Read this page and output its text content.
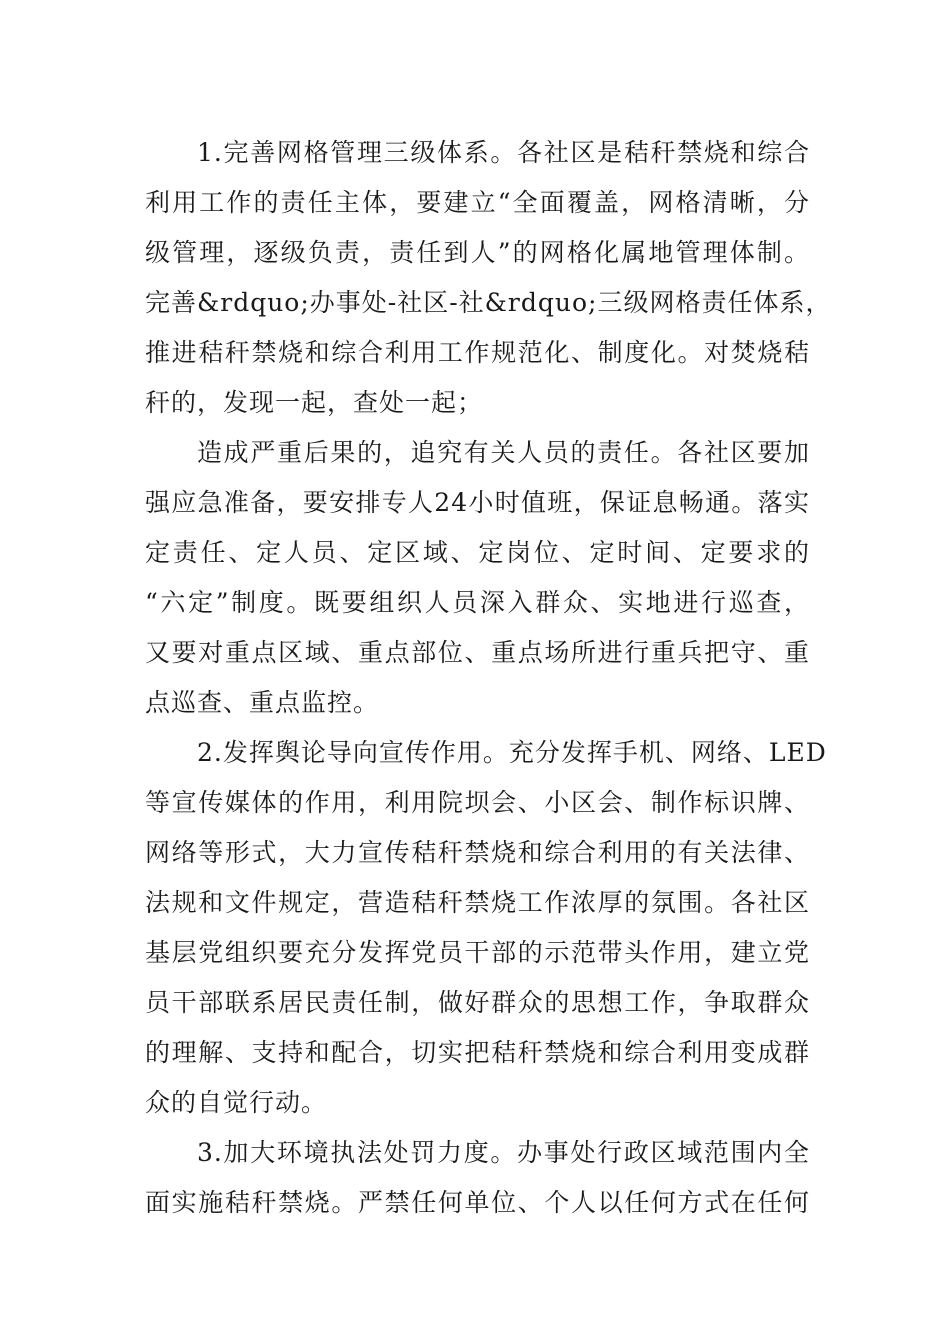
1.完善网格管理三级体系。各社区是秸秆禁烧和综合
利用工作的责任主体，要建立“全面覆盖，网格清晰，分
级管理，逐级负责，责任到人”的网格化属地管理体制。
完善&rdquo;办事处-社区-社&rdquo;三级网格责任体系，
推进秸秆禁烧和综合利用工作规范化、制度化。对焚烧秸
秆的，发现一起，查处一起；
造成严重后果的，追究有关人员的责任。各社区要加
强应急准备，要安排专人24小时值班，保证息畅通。落实
定责任、定人员、定区域、定岗位、定时间、定要求的
“六定”制度。既要组织人员深入群众、实地进行巡查，
又要对重点区域、重点部位、重点场所进行重兵把守、重
点巡查、重点监控。
2.发挥舆论导向宣传作用。充分发挥手机、网络、LED
等宣传媒体的作用，利用院坝会、小区会、制作标识牌、
网络等形式，大力宣传秸秆禁烧和综合利用的有关法律、
法规和文件规定，营造秸秆禁烧工作浓厚的氛围。各社区
基层党组织要充分发挥党员干部的示范带头作用，建立党
员干部联系居民责任制，做好群众的思想工作，争取群众
的理解、支持和配合，切实把秸秆禁烧和综合利用变成群
众的自觉行动。
3.加大环境执法处罚力度。办事处行政区域范围内全
面实施秸秆禁烧。严禁任何单位、个人以任何方式在任何
